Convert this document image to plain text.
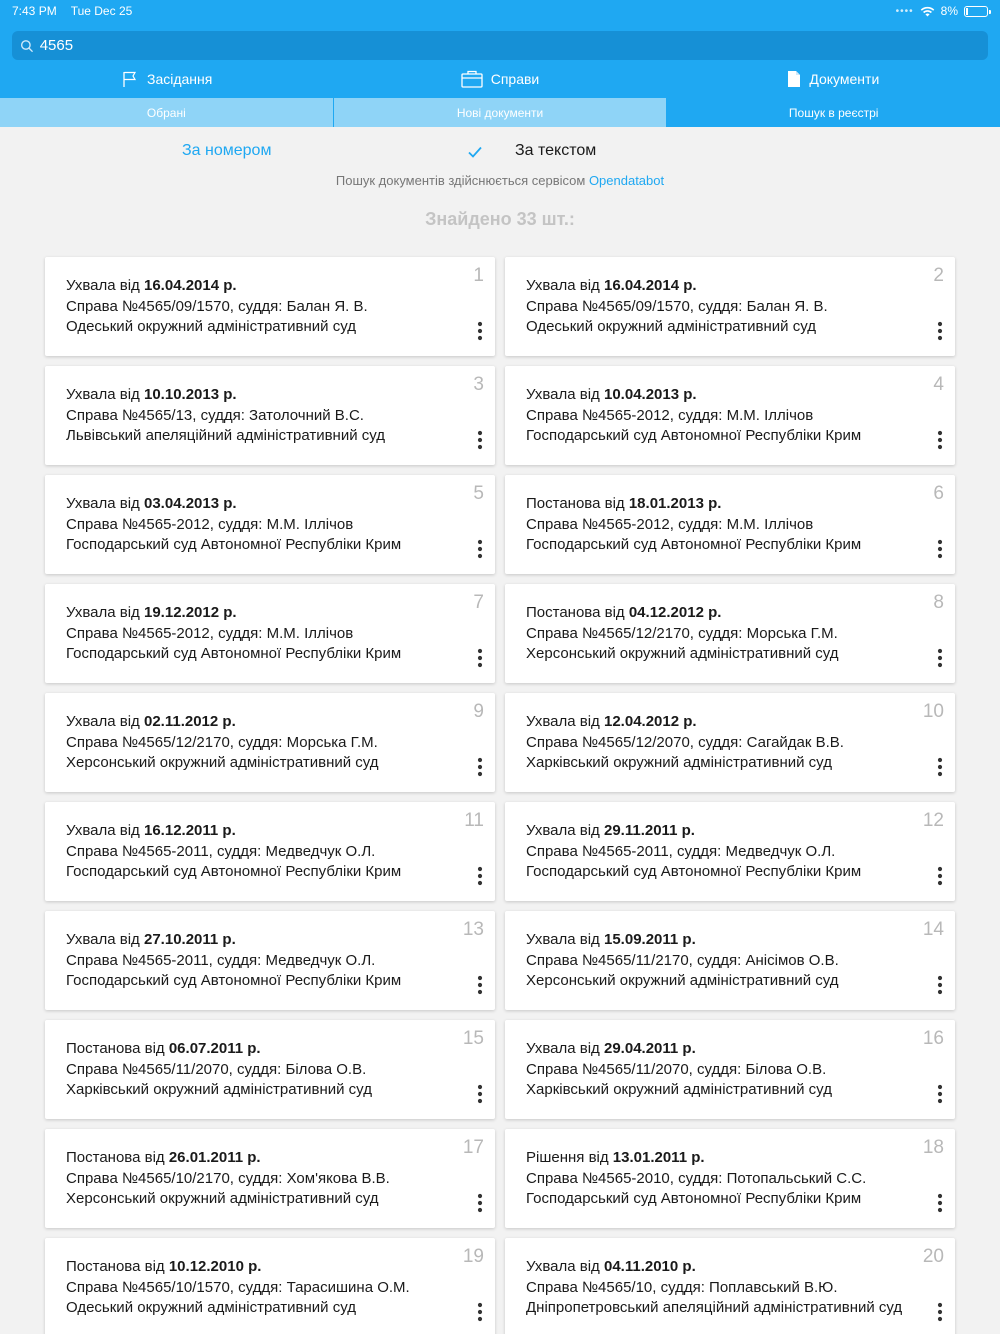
7:43 PM Tue Dec 25	•••• 8%
4565
Засідання	Справи	Документи
Обрані	Нові документи	Пошук в реєстрі
За номером	За текстом
Пошук документів здійснюється сервісом Opendatabot
Знайдено 33 шт.:
1
Ухвала від 16.04.2014 р.
Справа №4565/09/1570, суддя: Балан Я. В.
Одеський окружний адміністративний суд
2
Ухвала від 16.04.2014 р.
Справа №4565/09/1570, суддя: Балан Я. В.
Одеський окружний адміністративний суд
3
Ухвала від 10.10.2013 р.
Справа №4565/13, суддя: Затолочний В.С.
Львівський апеляційний адміністративний суд
4
Ухвала від 10.04.2013 р.
Справа №4565-2012, суддя: М.М. Іллічов
Господарський суд Автономної Республіки Крим
5
Ухвала від 03.04.2013 р.
Справа №4565-2012, суддя: М.М. Іллічов
Господарський суд Автономної Республіки Крим
6
Постанова від 18.01.2013 р.
Справа №4565-2012, суддя: М.М. Іллічов
Господарський суд Автономної Республіки Крим
7
Ухвала від 19.12.2012 р.
Справа №4565-2012, суддя: М.М. Іллічов
Господарський суд Автономної Республіки Крим
8
Постанова від 04.12.2012 р.
Справа №4565/12/2170, суддя: Морська Г.М.
Херсонський окружний адміністративний суд
9
Ухвала від 02.11.2012 р.
Справа №4565/12/2170, суддя: Морська Г.М.
Херсонський окружний адміністративний суд
10
Ухвала від 12.04.2012 р.
Справа №4565/12/2070, суддя: Сагайдак В.В.
Харківський окружний адміністративний суд
11
Ухвала від 16.12.2011 р.
Справа №4565-2011, суддя: Медведчук О.Л.
Господарський суд Автономної Республіки Крим
12
Ухвала від 29.11.2011 р.
Справа №4565-2011, суддя: Медведчук О.Л.
Господарський суд Автономної Республіки Крим
13
Ухвала від 27.10.2011 р.
Справа №4565-2011, суддя: Медведчук О.Л.
Господарський суд Автономної Республіки Крим
14
Ухвала від 15.09.2011 р.
Справа №4565/11/2170, суддя: Анісімов О.В.
Херсонський окружний адміністративний суд
15
Постанова від 06.07.2011 р.
Справа №4565/11/2070, суддя: Білова О.В.
Харківський окружний адміністративний суд
16
Ухвала від 29.04.2011 р.
Справа №4565/11/2070, суддя: Білова О.В.
Харківський окружний адміністративний суд
17
Постанова від 26.01.2011 р.
Справа №4565/10/2170, суддя: Хом'якова В.В.
Херсонський окружний адміністративний суд
18
Рішення від 13.01.2011 р.
Справа №4565-2010, суддя: Потопальський С.С.
Господарський суд Автономної Республіки Крим
19
Постанова від 10.12.2010 р.
Справа №4565/10/1570, суддя: Тарасишина О.М.
Одеський окружний адміністративний суд
20
Ухвала від 04.11.2010 р.
Справа №4565/10, суддя: Поплавський В.Ю.
Дніпропетровський апеляційний адміністративний суд
